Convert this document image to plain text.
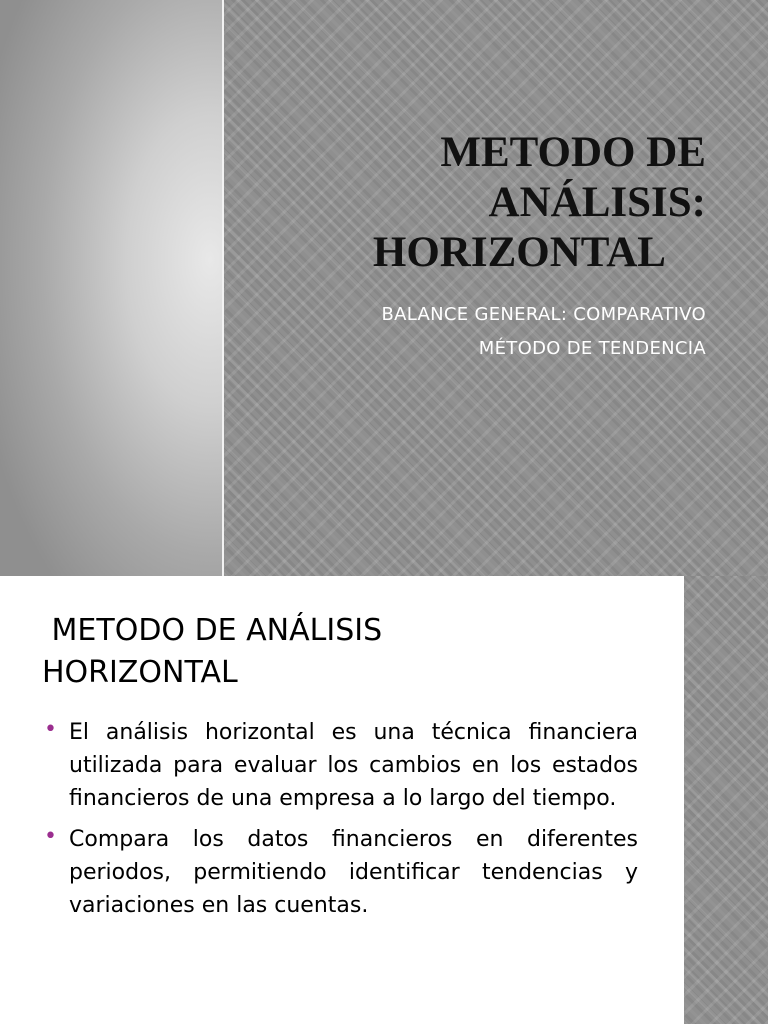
METODO DE
ANÁLISIS:
HORIZONTAL
BALANCE GENERAL: COMPARATIVO
MÉTODO DE TENDENCIA
METODO DE ANÁLISIS
HORIZONTAL
• El análisis horizontal es una técnica financiera utilizada para evaluar los cambios en los estados financieros de una empresa a lo largo del tiempo.
• Compara los datos financieros en diferentes periodos, permitiendo identificar tendencias y variaciones en las cuentas.
